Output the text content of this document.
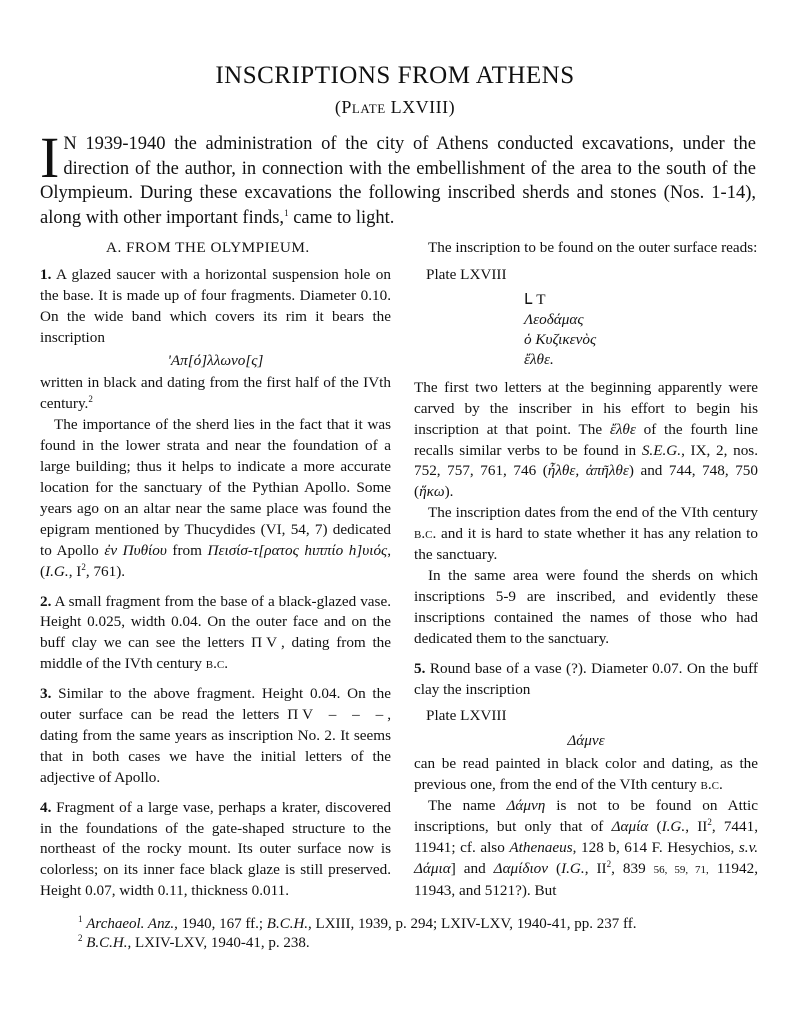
INSCRIPTIONS FROM ATHENS
(Plate LXVIII)

I N 1939-1940 the administration of the city of Athens conducted excavations, under the direction of the author, in connection with the embellishment of the area to the south of the Olympieum. During these excavations the following inscribed sherds and stones (Nos. 1-14), along with other important finds,$^1$ came to light.

A. FROM THE OLYMPIEUM.

1. A glazed saucer with a horizontal suspension hole on the base. It is made up of four fragments. Diameter 0.10. On the wide band which covers its rim it bears the inscription

'Απ[ό]λλωνο[ς]

written in black and dating from the first half of the IVth century.$^2$

The importance of the sherd lies in the fact that it was found in the lower strata and near the foundation of a large building; thus it helps to indicate a more accurate location for the sanctuary of the Pythian Apollo. Some years ago on an altar near the same place was found the epigram mentioned by Thucydides (VI, 54, 7) dedicated to Apollo ἐν Πυθίου from Πεισίσ-τ[ρατος hιππίο h]υιός, (I.G., $I^2$, 761).

2. A small fragment from the base of a black-glazed vase. Height 0.025, width 0.04. On the outer face and on the buff clay we can see the letters ΠV, dating from the middle of the IVth century b.c.

3. Similar to the above fragment. Height 0.04. On the outer surface can be read the letters ΠV – – –, dating from the same years as inscription No. 2. It seems that in both cases we have the initial letters of the adjective of Apollo.

4. Fragment of a large vase, perhaps a krater, discovered in the foundations of the gate-shaped structure to the northeast of the rocky mount. Its outer surface now is colorless; on its inner face black glaze is still preserved. Height 0.07, width 0.11, thickness 0.011.

The inscription to be found on the outer surface reads:

Plate LXVIII
ᒪ T
Λεοδάμας
ὁ Κυζικενὸς
ἔλθε.

The first two letters at the beginning apparently were carved by the inscriber in his effort to begin his inscription at that point. The ἔλθε of the fourth line recalls similar verbs to be found in S.E.G., IX, 2, nos. 752, 757, 761, 746 (ἦλθε, ἀπῆλθε) and 744, 748, 750 (ἥκω).

The inscription dates from the end of the VIth century b.c. and it is hard to state whether it has any relation to the sanctuary.

In the same area were found the sherds on which inscriptions 5-9 are inscribed, and evidently these inscriptions contained the names of those who had dedicated them to the sanctuary.

5. Round base of a vase (?). Diameter 0.07. On the buff clay the inscription

Plate LXVIII

Δάμνε

can be read painted in black color and dating, as the previous one, from the end of the VIth century b.c.

The name Δάμνη is not to be found on Attic inscriptions, but only that of Δαμία (I.G., $II^2$, 7441, 11941; cf. also Athenaeus, 128 b, 614 F. Hesychios, s.v. Δάμια] and Δαμίδιον (I.G., $II^2$, 839 56, 59, 71, 11942, 11943, and 5121?). But

$^1$ Archaeol. Anz., 1940, 167 ff.; B.C.H., LXIII, 1939, p. 294; LXIV-LXV, 1940-41, pp. 237 ff.
$^2$ B.C.H., LXIV-LXV, 1940-41, p. 238.
